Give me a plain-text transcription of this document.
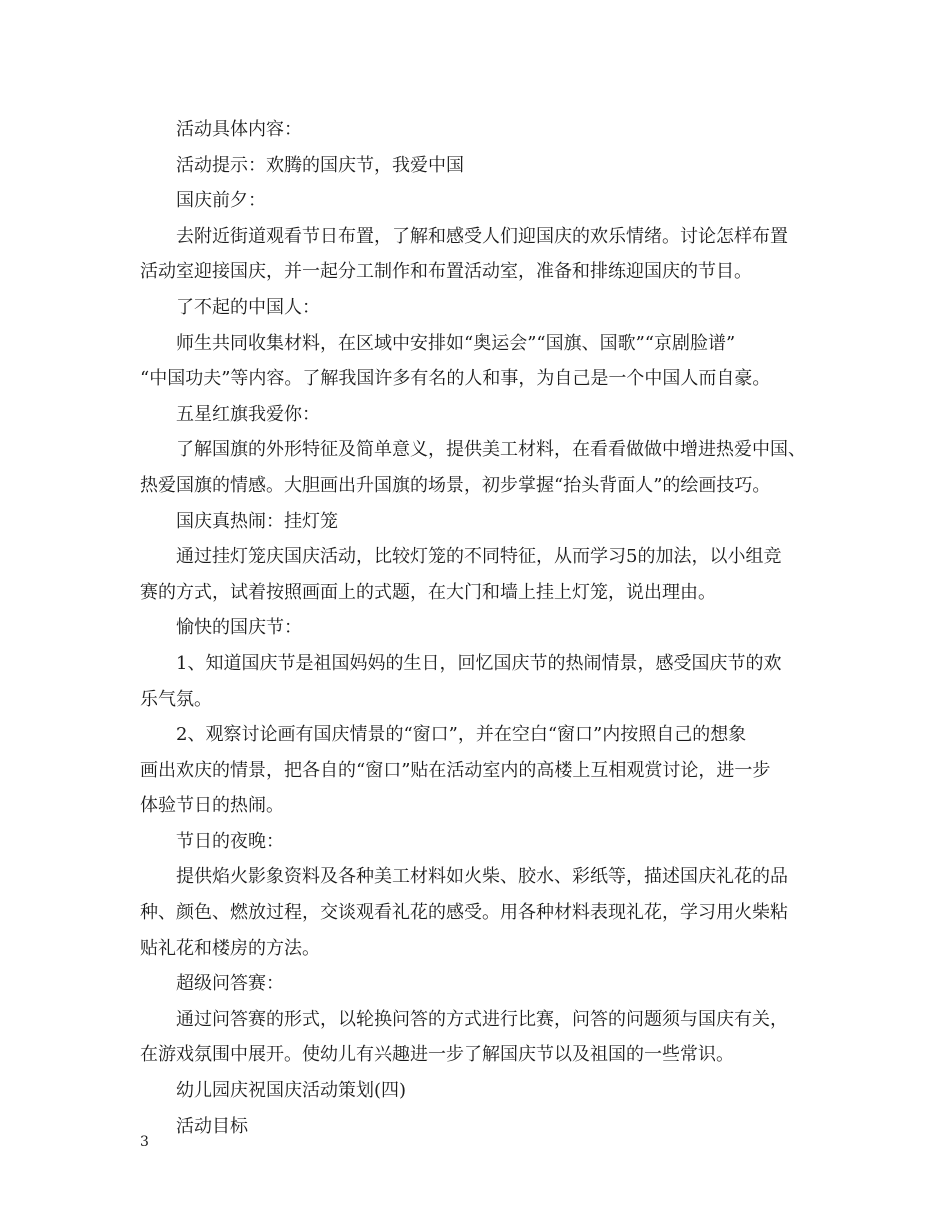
活动具体内容：
活动提示：欢腾的国庆节，我爱中国
国庆前夕：
去附近街道观看节日布置，了解和感受人们迎国庆的欢乐情绪。讨论怎样布置
活动室迎接国庆，并一起分工制作和布置活动室，准备和排练迎国庆的节目。
了不起的中国人：
师生共同收集材料，在区域中安排如“奥运会”“国旗、国歌”“京剧脸谱”
“中国功夫”等内容。了解我国许多有名的人和事，为自己是一个中国人而自豪。
五星红旗我爱你：
了解国旗的外形特征及简单意义，提供美工材料，在看看做做中增进热爱中国、
热爱国旗的情感。大胆画出升国旗的场景，初步掌握“抬头背面人”的绘画技巧。
国庆真热闹：挂灯笼
通过挂灯笼庆国庆活动，比较灯笼的不同特征，从而学习5的加法，以小组竞
赛的方式，试着按照画面上的式题，在大门和墙上挂上灯笼，说出理由。
愉快的国庆节：
1、知道国庆节是祖国妈妈的生日，回忆国庆节的热闹情景，感受国庆节的欢
乐气氛。
2、观察讨论画有国庆情景的“窗口”，并在空白“窗口”内按照自己的想象
画出欢庆的情景，把各自的“窗口”贴在活动室内的高楼上互相观赏讨论，进一步
体验节日的热闹。
节日的夜晚：
提供焰火影象资料及各种美工材料如火柴、胶水、彩纸等，描述国庆礼花的品
种、颜色、燃放过程，交谈观看礼花的感受。用各种材料表现礼花，学习用火柴粘
贴礼花和楼房的方法。
超级问答赛：
通过问答赛的形式，以轮换问答的方式进行比赛，问答的问题须与国庆有关，
在游戏氛围中展开。使幼儿有兴趣进一步了解国庆节以及祖国的一些常识。
幼儿园庆祝国庆活动策划(四)
活动目标
3
